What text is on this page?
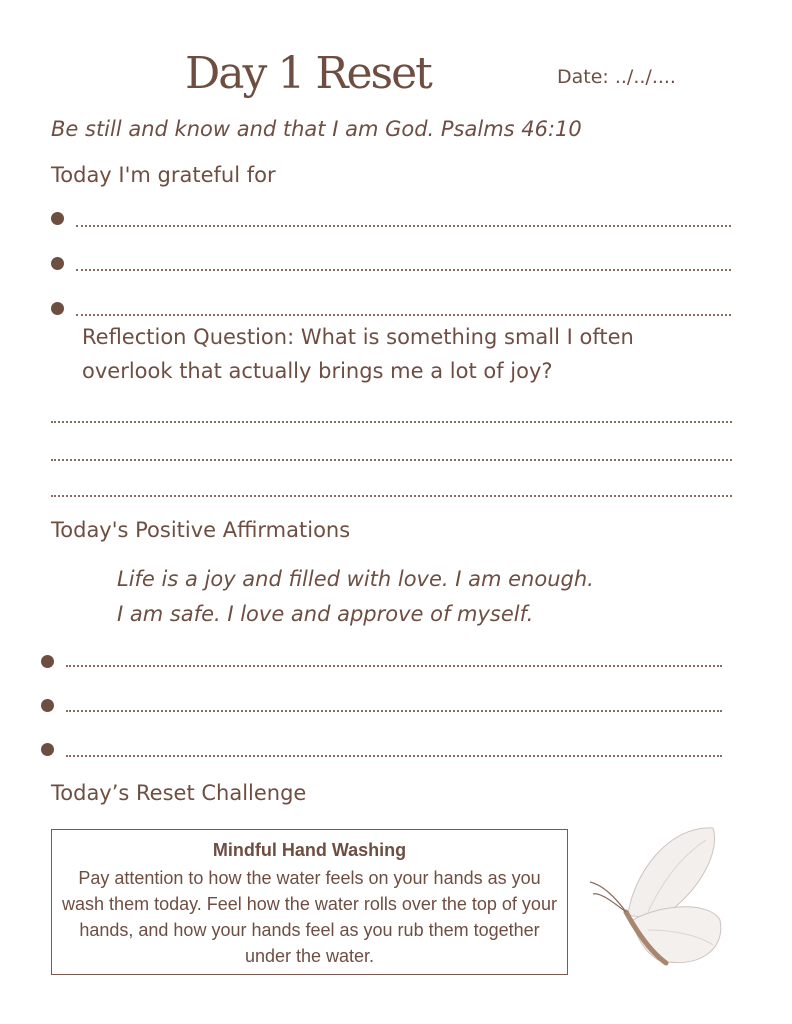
Day 1 Reset	Date: ../../....
Be still and know and that I am God. Psalms 46:10
Today I'm grateful for
Reflection Question: What is something small I often
overlook that actually brings me a lot of joy?
Today's Positive Affirmations
Life is a joy and filled with love. I am enough.
I am safe. I love and approve of myself.
Today’s Reset Challenge
Mindful Hand Washing
Pay attention to how the water feels on your hands as you wash them today. Feel how the water rolls over the top of your hands, and how your hands feel as you rub them together under the water.
